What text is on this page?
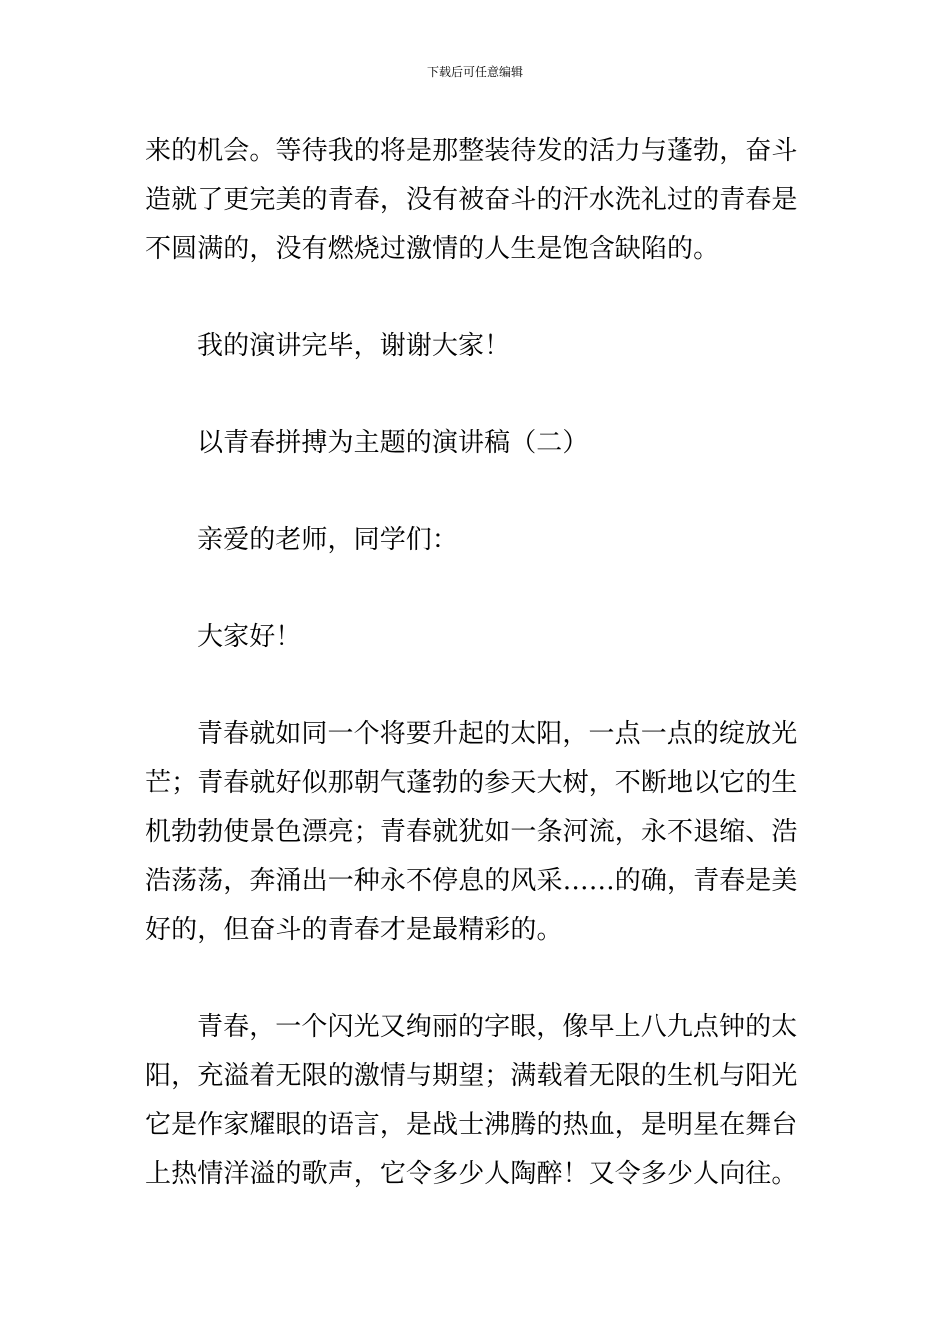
下载后可任意编辑

来的机会。等待我的将是那整装待发的活力与蓬勃，奋斗
造就了更完美的青春，没有被奋斗的汗水洗礼过的青春是
不圆满的，没有燃烧过激情的人生是饱含缺陷的。

我的演讲完毕，谢谢大家！

以青春拼搏为主题的演讲稿（二）

亲爱的老师，同学们：

大家好！

青春就如同一个将要升起的太阳，一点一点的绽放光
芒；青春就好似那朝气蓬勃的参天大树，不断地以它的生
机勃勃使景色漂亮；青春就犹如一条河流，永不退缩、浩
浩荡荡，奔涌出一种永不停息的风采……的确，青春是美
好的，但奋斗的青春才是最精彩的。

青春，一个闪光又绚丽的字眼，像早上八九点钟的太
阳，充溢着无限的激情与期望；满载着无限的生机与阳光
它是作家耀眼的语言，是战士沸腾的热血，是明星在舞台
上热情洋溢的歌声，它令多少人陶醉！又令多少人向往。
